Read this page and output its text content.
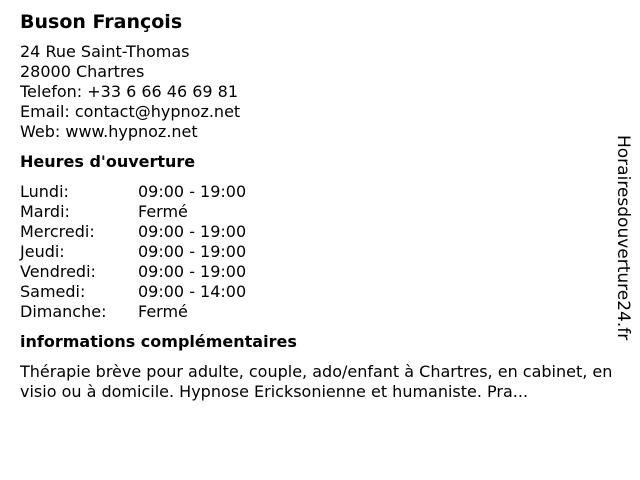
Buson François
24 Rue Saint-Thomas
28000 Chartres
Telefon: +33 6 66 46 69 81
Email: contact@hypnoz.net
Web: www.hypnoz.net
Heures d'ouverture
Lundi:	09:00 - 19:00
Mardi:	Fermé
Mercredi:	09:00 - 19:00
Jeudi:	09:00 - 19:00
Vendredi:	09:00 - 19:00
Samedi:	09:00 - 14:00
Dimanche:	Fermé
informations complémentaires
Thérapie brève pour adulte, couple, ado/enfant à Chartres, en cabinet, en visio ou à domicile. Hypnose Ericksonienne et humaniste. Pra...
Horairesdouverture24.fr
